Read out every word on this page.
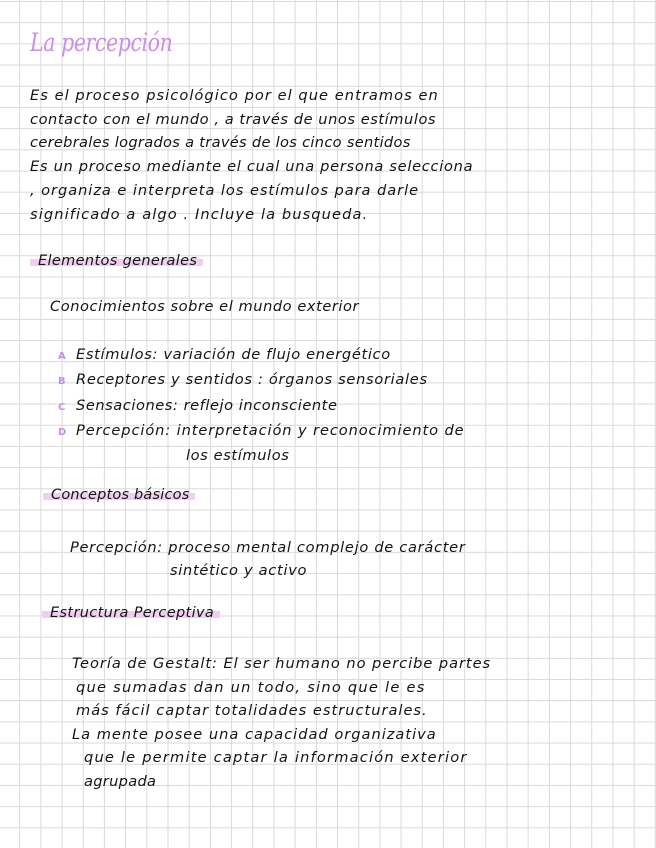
La percepción
Es el proceso psicológico por el que entramos en
contacto con el mundo , a través de unos estímulos
cerebrales logrados a través de los cinco sentidos
Es un proceso mediante el cual una persona selecciona
, organiza e interpreta los estímulos para darle
significado a algo . Incluye la busqueda.
Elementos generales
Conocimientos sobre el mundo exterior
A Estímulos: variación de flujo energético
B Receptores y sentidos : órganos sensoriales
C Sensaciones: reflejo inconsciente
D Percepción: interpretación y reconocimiento de
los estímulos
Conceptos básicos
Percepción: proceso mental complejo de carácter
sintético y activo
Estructura Perceptiva
Teoría de Gestalt: El ser humano no percibe partes
que sumadas dan un todo, sino que le es
más fácil captar totalidades estructurales.
La mente posee una capacidad organizativa
que le permite captar la información exterior
agrupada
